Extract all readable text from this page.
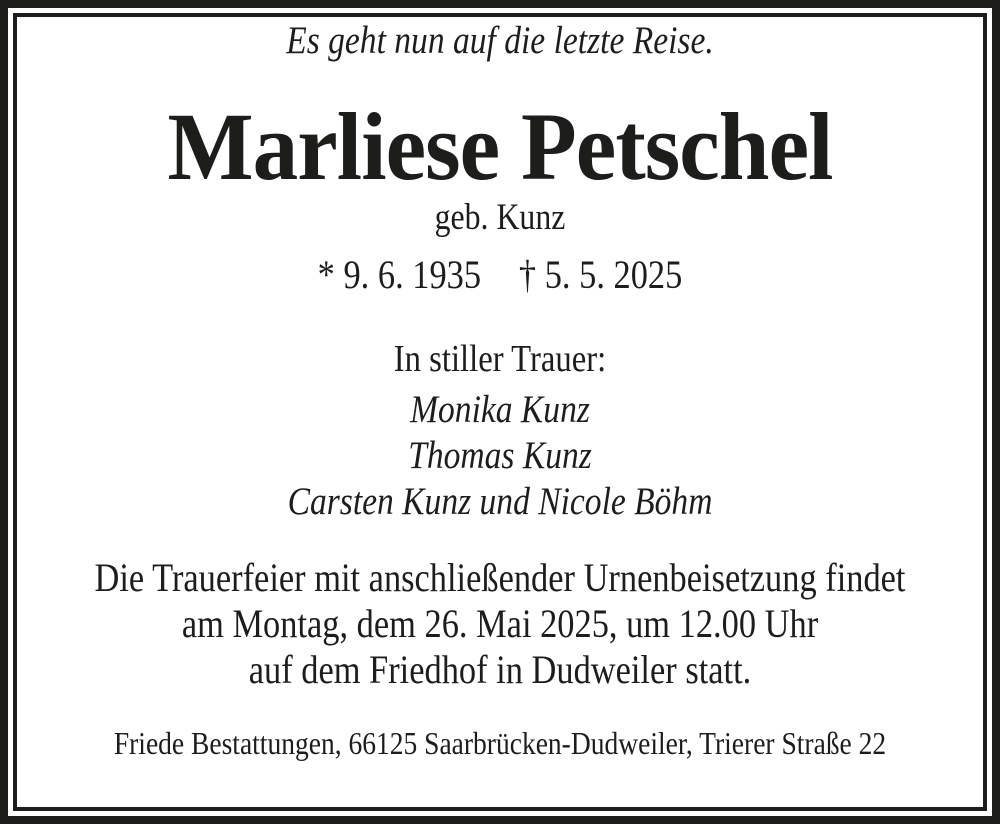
Es geht nun auf die letzte Reise.

Marliese Petschel

geb. Kunz

* 9. 6. 1935 † 5. 5. 2025

In stiller Trauer:

Monika Kunz

Thomas Kunz

Carsten Kunz und Nicole Böhm

Die Trauerfeier mit anschließender Urnenbeisetzung findet

am Montag, dem 26. Mai 2025, um 12.00 Uhr

auf dem Friedhof in Dudweiler statt.

Friede Bestattungen, 66125 Saarbrücken-Dudweiler, Trierer Straße 22
